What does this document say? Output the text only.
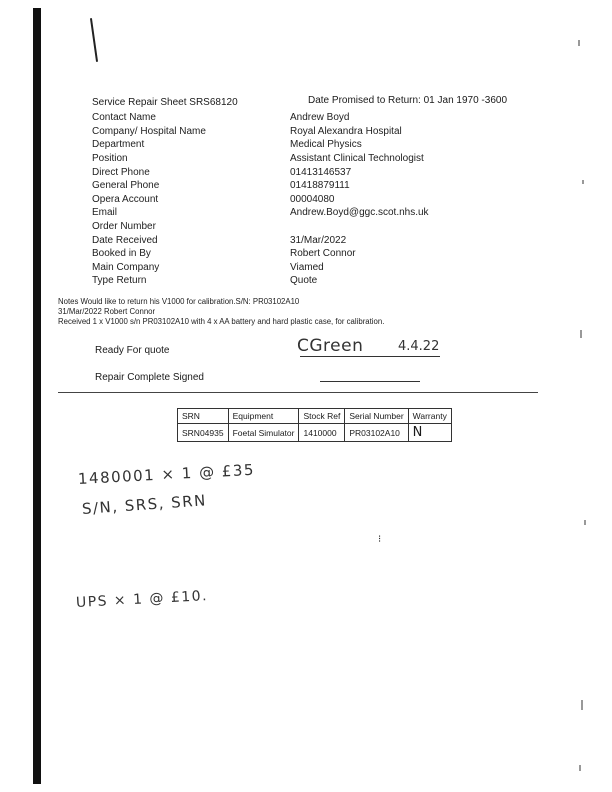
Service Repair Sheet SRS68120	Date Promised to Return: 01 Jan 1970 -3600
Contact Name	Andrew Boyd
Company/ Hospital Name	Royal Alexandra Hospital
Department	Medical Physics
Position	Assistant Clinical Technologist
Direct Phone	01413146537
General Phone	01418879111
Opera Account	00004080
Email	Andrew.Boyd@ggc.scot.nhs.uk
Order Number
Date Received	31/Mar/2022
Booked in By	Robert Connor
Main Company	Viamed
Type Return	Quote
Notes Would like to return his V1000 for calibration.S/N: PR03102A10
31/Mar/2022 Robert Connor
Received 1 x V1000 s/n PR03102A10 with 4 x AA battery and hard plastic case, for calibration.
Ready For quote	CGreen	4.4.22
Repair Complete Signed
SRN	Equipment	Stock Ref	Serial Number	Warranty
SRN04935	Foetal Simulator	1410000	PR03102A10	N
1480001 × 1 @ £35
S/N, SRS, SRN
⁝
UPS × 1 @ £10.
